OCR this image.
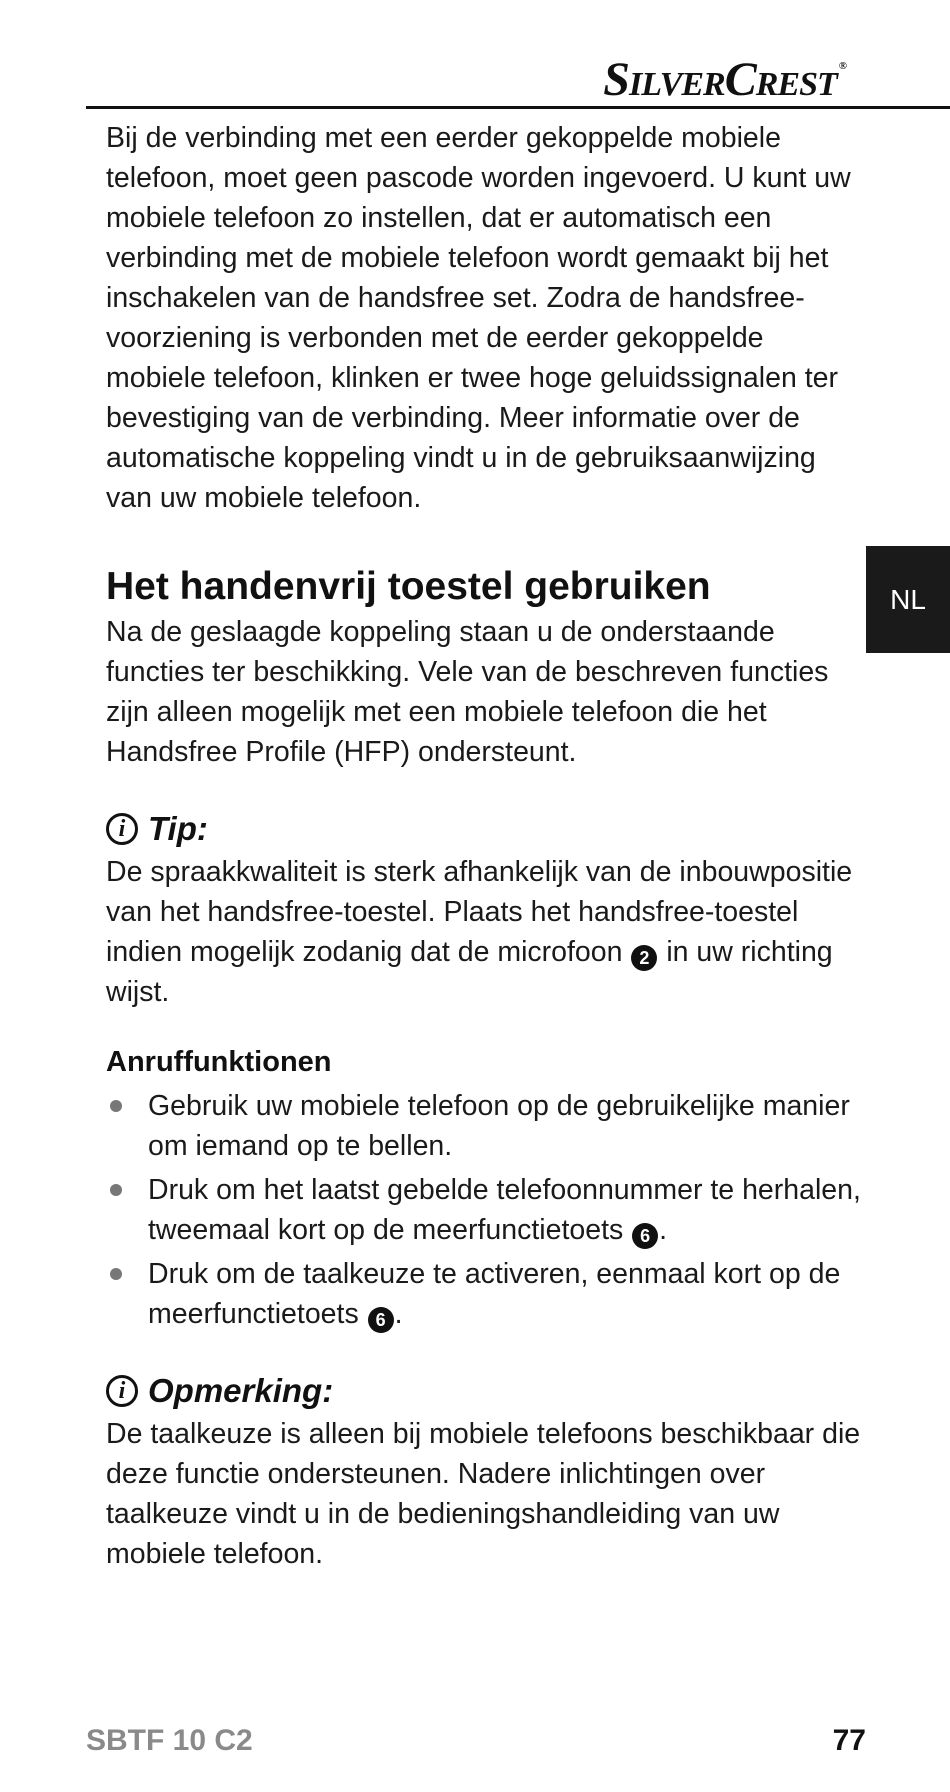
SilverCrest ®
NL

Bij de verbinding met een eerder gekoppelde mobiele telefoon, moet geen pascode worden ingevoerd. U kunt uw mobiele telefoon zo instellen, dat er automatisch een verbinding met de mobiele telefoon wordt gemaakt bij het inschakelen van de handsfree set. Zodra de handsfree-voorziening is verbonden met de eerder gekoppelde mobiele telefoon, klinken er twee hoge geluidssignalen ter bevestiging van de verbinding. Meer informatie over de automatische koppeling vindt u in de gebruiksaanwijzing van uw mobiele telefoon.

Het handenvrij toestel gebruiken

Na de geslaagde koppeling staan u de onderstaande functies ter beschikking. Vele van de beschreven functies zijn alleen mogelijk met een mobiele telefoon die het Handsfree Profile (HFP) ondersteunt.

i Tip:

De spraakkwaliteit is sterk afhankelijk van de inbouwpositie van het handsfree-toestel. Plaats het handsfree-toestel indien mogelijk zodanig dat de microfoon 2 in uw richting wijst.

Anruffunktionen
Gebruik uw mobiele telefoon op de gebruikelijke manier om iemand op te bellen.
Druk om het laatst gebelde telefoonnummer te herhalen, tweemaal kort op de meerfunctietoets 6 .
Druk om de taalkeuze te activeren, eenmaal kort op de meerfunctietoets 6 .
i Opmerking:

De taalkeuze is alleen bij mobiele telefoons beschikbaar die deze functie ondersteunen. Nadere inlichtingen over taalkeuze vindt u in de bedieningshandleiding van uw mobiele telefoon.

SBTF 10 C2	77
